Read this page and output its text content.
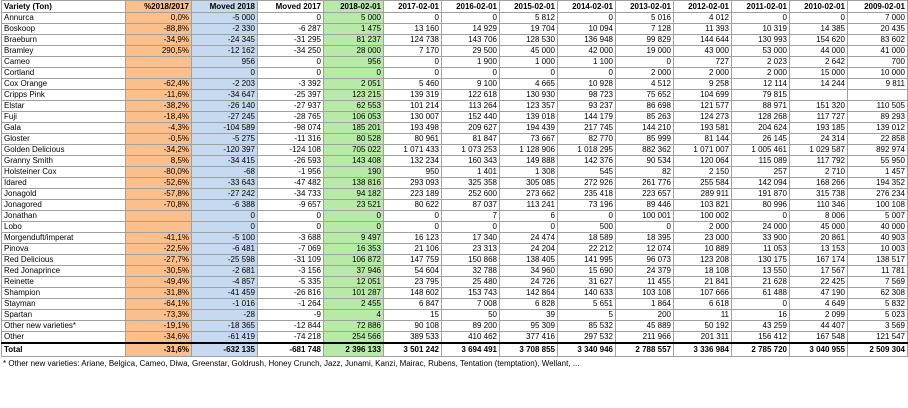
Variety (Ton)	%2018/2017	Moved 2018	Moved 2017	2018-02-01	2017-02-01	2016-02-01	2015-02-01	2014-02-01	2013-02-01	2012-02-01	2011-02-01	2010-02-01	2009-02-01
Annurca	0,0%	-5 000	0	5 000	0	0	5 812	0	5 016	4 012	0	0	7 000
Boskoop	-88,8%	-2 330	-6 287	1 475	13 160	14 929	19 704	10 094	7 128	11 393	10 319	14 385	20 435
Braeburn	-34,9%	-24 345	-31 295	81 237	124 738	143 706	128 530	136 948	99 829	144 644	130 993	154 620	83 602
Bramley	290,5%	-12 162	-34 250	28 000	7 170	29 500	45 000	42 000	19 000	43 000	53 000	44 000	41 000
Cameo		956	0	956	0	1 900	1 000	1 100	0	727	2 023	2 642	700
Cortland		0	0	0	0	0	0	0	2 000	2 000	2 000	15 000	10 000
Cox Orange	-62,4%	-2 203	-3 392	2 051	5 460	9 100	4 665	10 928	4 512	9 258	12 114	14 244	9 811
Cripps Pink	-11,6%	-34 647	-25 397	123 215	139 319	122 618	130 930	98 723	75 652	104 699	79 815		
Elstar	-38,2%	-26 140	-27 937	62 553	101 214	113 264	123 357	93 237	86 698	121 577	88 971	151 320	110 505
Fuji	-18,4%	-27 245	-28 765	106 053	130 007	152 440	139 018	144 179	85 263	124 273	128 268	117 727	89 293
Gala	-4,3%	-104 589	-98 074	185 201	193 498	209 627	194 439	217 745	144 210	193 581	204 624	193 185	139 012
Gloster	-0,5%	-5 275	-11 316	80 528	80 961	81 847	73 667	82 770	85 999	81 144	26 145	24 314	22 858
Golden Delicious	-34,2%	-120 397	-124 108	705 022	1 071 433	1 073 253	1 128 906	1 018 295	882 362	1 071 007	1 005 461	1 029 587	892 974
Granny Smith	8,5%	-34 415	-26 593	143 408	132 234	160 343	149 888	142 376	90 534	120 064	115 089	117 792	55 950
Holsteiner Cox	-80,0%	-68	-1 956	190	950	1 401	1 308	545	82	2 150	257	2 710	1 457
Idared	-52,6%	-33 643	-47 482	138 816	293 093	325 358	305 085	272 926	261 776	255 584	142 094	168 266	194 352
Jonagold	-57,8%	-27 242	-34 733	94 182	223 189	252 600	273 662	235 418	223 657	289 911	191 870	315 738	276 234
Jonagored	-70,8%	-6 388	-9 657	23 521	80 622	87 037	113 241	73 196	89 446	103 821	80 996	110 346	100 108
Jonathan		0	0	0	0	7	6	0	100 001	100 002	0	8 006	5 007
Lobo		0	0	0	0	0	0	500	0	2 000	24 000	45 000	40 000
Morgenduft/imperat	-41,1%	-5 100	-3 688	9 497	16 123	17 340	24 474	18 589	18 395	23 000	33 900	20 861	40 903
Pinova	-22,5%	-6 481	-7 069	16 353	21 106	23 313	24 204	22 212	12 074	10 889	11 053	13 153	10 003
Red Delicious	-27,7%	-25 598	-31 109	106 872	147 759	150 868	138 405	141 995	96 073	123 208	130 175	167 174	138 517
Red Jonaprince	-30,5%	-2 681	-3 156	37 946	54 604	32 788	34 960	15 690	24 379	18 108	13 550	17 567	11 781
Reinette	-49,4%	-4 857	-5 335	12 051	23 795	25 480	24 726	31 627	11 455	21 841	21 628	22 425	7 569
Shampion	-31,8%	-41 459	-26 816	101 287	148 602	153 743	142 864	140 633	103 108	107 666	61 488	47 190	62 308
Stayman	-64,1%	-1 016	-1 264	2 455	6 847	7 008	6 828	5 651	1 864	6 618	0	4 649	5 832
Spartan	-73,3%	-28	-9	4	15	50	39	5	200	11	16	2 099	5 023
Other new varieties*	-19,1%	-18 365	-12 844	72 886	90 108	89 200	95 309	85 532	45 889	50 192	43 259	44 407	3 569
Other	-34,6%	-61 419	-74 218	254 566	389 533	410 462	377 416	297 532	211 966	201 311	156 412	167 548	121 547
Total	-31,6%	-632 135	-681 748	2 396 133	3 501 242	3 694 491	3 708 855	3 340 946	2 788 557	3 336 984	2 785 720	3 040 955	2 509 304
* Other new varieties: Ariane, Belgica, Cameo, Diwa, Greenstar, Goldrush, Honey Crunch, Jazz, Junami, Kanzi, Mairac, Rubens, Tentation (temptation), Wellant, ...
